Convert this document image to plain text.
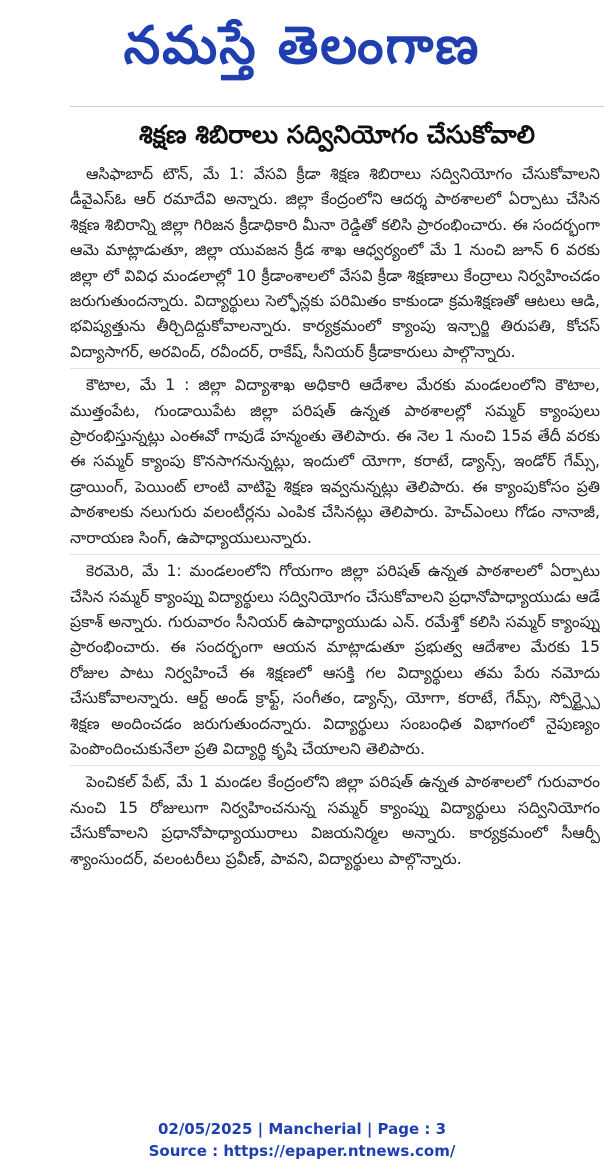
నమస్తే తెలంగాణ
శిక్షణ శిబిరాలు సద్వినియోగం చేసుకోవాలి

ఆసిఫాబాద్ టౌన్, మే 1: వేసవి క్రీడా శిక్షణ శిబిరాలు సద్వినియోగం చేసుకోవాలని డీవైఎస్ఓ ఆర్ రమాదేవి అన్నారు. జిల్లా కేంద్రంలోని ఆదర్శ పాఠశాలలో ఏర్పాటు చేసిన శిక్షణ శిబిరాన్ని జిల్లా గిరిజన క్రీడాధికారి మీనా రెడ్డితో కలిసి ప్రారంభించారు. ఈ సందర్భంగా ఆమె మాట్లాడుతూ, జిల్లా యువజన క్రీడ శాఖ ఆధ్వర్యంలో మే 1 నుంచి జూన్ 6 వరకు జిల్లా లో వివిధ మండలాల్లో 10 క్రీడాంశాలలో వేసవి క్రీడా శిక్షణాలు కేంద్రాలు నిర్వహించడం జరుగుతుందన్నారు. విద్యార్థులు సెల్ఫోన్లకు పరిమితం కాకుండా క్రమశిక్షణతో ఆటలు ఆడి, భవిష్యత్తును తీర్చిదిద్దుకోవాలన్నారు. కార్యక్రమంలో క్యాంపు ఇన్చార్జి తిరుపతి, కోచస్ విద్యాసాగర్, అరవింద్, రవీందర్, రాకేష్, సీనియర్ క్రీడాకారులు పాల్గొన్నారు.

కౌటాల, మే 1 : జిల్లా విద్యాశాఖ అధికారి ఆదేశాల మేరకు మండలంలోని కౌటాల, ముత్తంపేట, గుండాయిపేట జిల్లా పరిషత్ ఉన్నత పాఠశాలల్లో సమ్మర్ క్యాంపులు ప్రారంభిస్తున్నట్లు ఎంఈవో గావుడే హన్మంతు తెలిపారు. ఈ నెల 1 నుంచి 15వ తేదీ వరకు ఈ సమ్మర్ క్యాంపు కొనసాగనున్నట్లు, ఇందులో యోగా, కరాటే, డ్యాన్స్, ఇండోర్ గేమ్స్, డ్రాయింగ్, పెయింట్ లాంటి వాటిపై శిక్షణ ఇవ్వనున్నట్లు తెలిపారు. ఈ క్యాంపుకోసం ప్రతి పాఠశాలకు నలుగురు వలంటీర్లను ఎంపిక చేసినట్లు తెలిపారు. హెచ్ఎంలు గోడం నానాజీ, నారాయణ సింగ్, ఉపాధ్యాయులున్నారు.

కెరమెరి, మే 1: మండలంలోని గోయగాం జిల్లా పరిషత్ ఉన్నత పాఠశాలలో ఏర్పాటు చేసిన సమ్మర్ క్యాంప్ను విద్యార్థులు సద్వినియోగం చేసుకోవాలని ప్రధానోపాధ్యాయుడు ఆడే ప్రకాశ్ అన్నారు. గురువారం సీనియర్ ఉపాధ్యాయుడు ఎన్. రమేశ్తో కలిసి సమ్మర్ క్యాంప్ను ప్రారంభించారు. ఈ సందర్భంగా ఆయన మాట్లాడుతూ ప్రభుత్వ ఆదేశాల మేరకు 15 రోజుల పాటు నిర్వహించే ఈ శిక్షణలో ఆసక్తి గల విద్యార్థులు తమ పేరు నమోదు చేసుకోవాలన్నారు. ఆర్ట్ అండ్ క్రాఫ్ట్, సంగీతం, డ్యాన్స్, యోగా, కరాటే, గేమ్స్, స్పోర్ట్స్పై శిక్షణ అందించడం జరుగుతుందన్నారు. విద్యార్థులు సంబంధిత విభాగంలో నైపుణ్యం పెంపొందించుకునేలా ప్రతి విద్యార్థి కృషి చేయాలని తెలిపారు.

పెంచికల్ పేట్, మే 1 మండల కేంద్రంలోని జిల్లా పరిషత్ ఉన్నత పాఠశాలలో గురువారం నుంచి 15 రోజులుగా నిర్వహించనున్న సమ్మర్ క్యాంప్ను విద్యార్థులు సద్వినియోగం చేసుకోవాలని ప్రధానోపాధ్యాయురాలు విజయనిర్మల అన్నారు. కార్యక్రమంలో సీఆర్పీ శ్యాంసుందర్, వలంటరీలు ప్రవీణ్, పావని, విద్యార్థులు పాల్గొన్నారు.

02/05/2025 | Mancherial | Page : 3
Source : https://epaper.ntnews.com/
